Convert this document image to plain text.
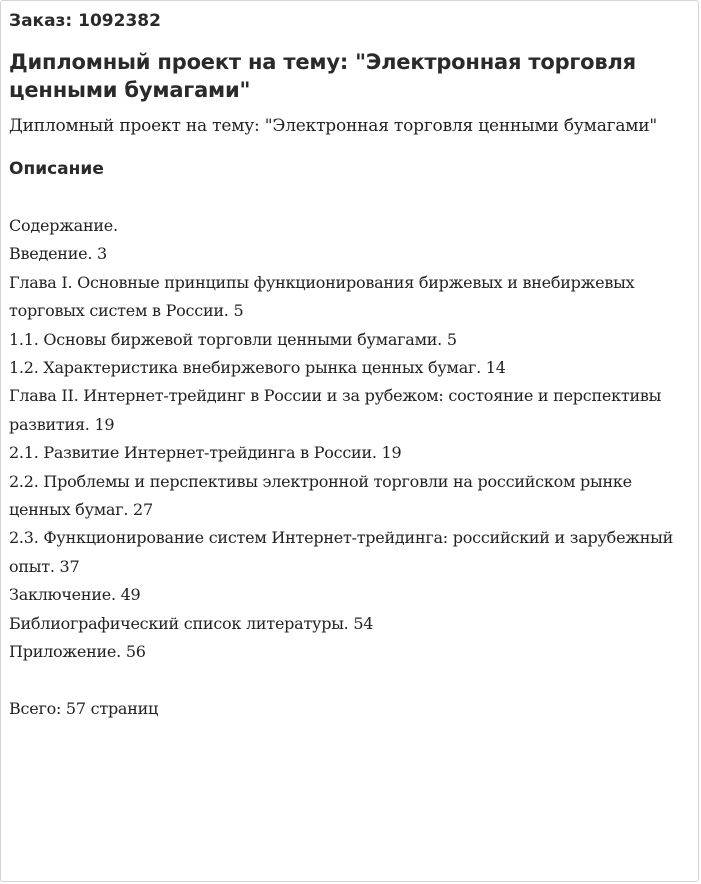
Заказ: 1092382
Дипломный проект на тему: "Электронная торговля ценными бумагами"
Дипломный проект на тему: "Электронная торговля ценными бумагами"
Описание
Содержание.
Введение. 3
Глава I. Основные принципы функционирования биржевых и внебиржевых торговых систем в России. 5
1.1. Основы биржевой торговли ценными бумагами. 5
1.2. Характеристика внебиржевого рынка ценных бумаг. 14
Глава II. Интернет-трейдинг в России и за рубежом: состояние и перспективы развития. 19
2.1. Развитие Интернет-трейдинга в России. 19
2.2. Проблемы и перспективы электронной торговли на российском рынке ценных бумаг. 27
2.3. Функционирование систем Интернет-трейдинга: российский и зарубежный опыт. 37
Заключение. 49
Библиографический список литературы. 54
Приложение. 56
Всего: 57 страниц
